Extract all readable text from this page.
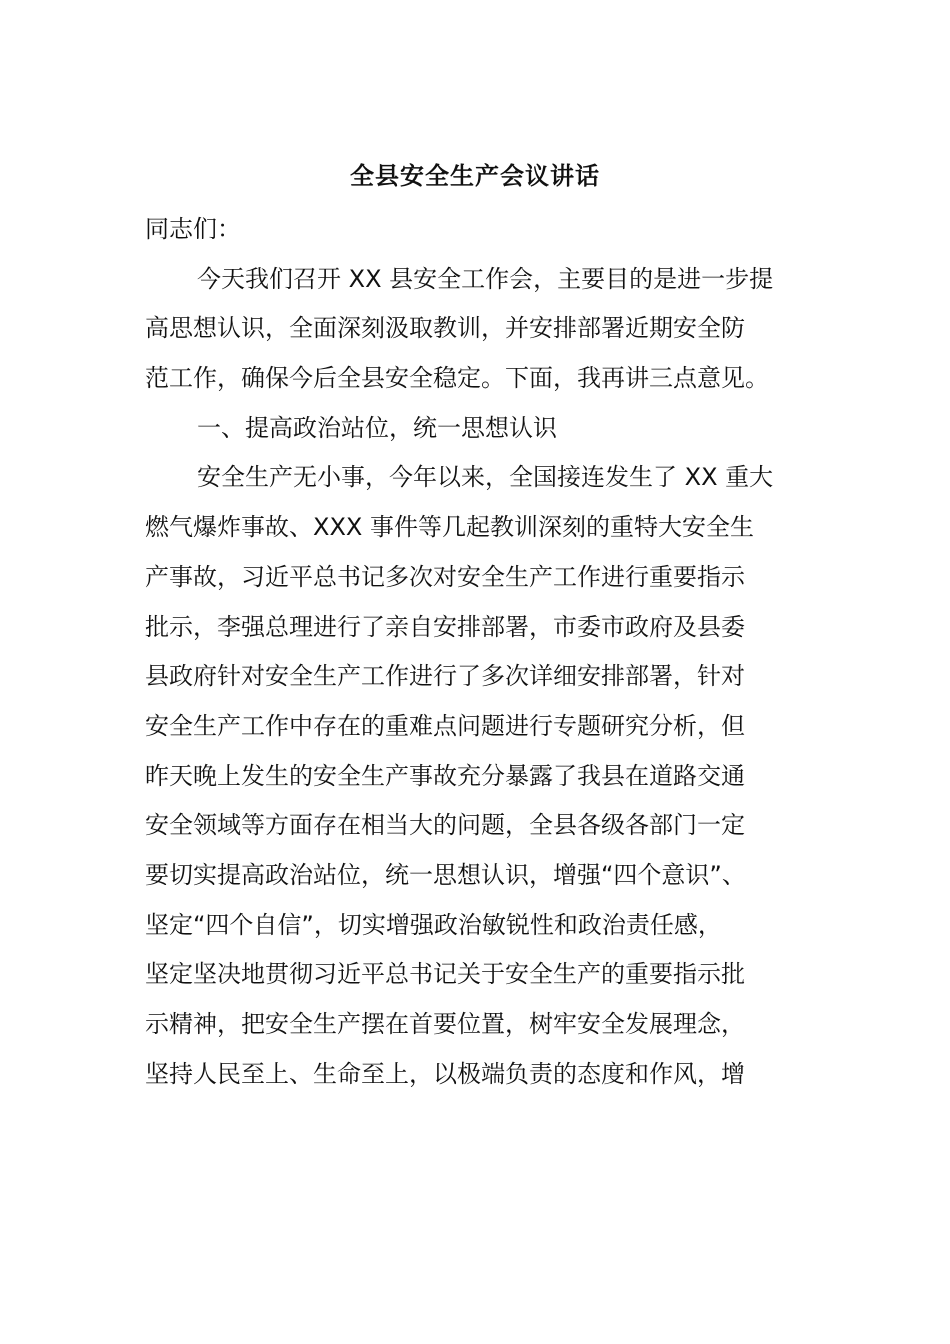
全县安全生产会议讲话
同志们：
今天我们召开 XX 县安全工作会，主要目的是进一步提
高思想认识，全面深刻汲取教训，并安排部署近期安全防
范工作，确保今后全县安全稳定。下面，我再讲三点意见。
一、提高政治站位，统一思想认识
安全生产无小事，今年以来，全国接连发生了 XX 重大
燃气爆炸事故、XXX 事件等几起教训深刻的重特大安全生
产事故，习近平总书记多次对安全生产工作进行重要指示
批示，李强总理进行了亲自安排部署，市委市政府及县委
县政府针对安全生产工作进行了多次详细安排部署，针对
安全生产工作中存在的重难点问题进行专题研究分析，但
昨天晚上发生的安全生产事故充分暴露了我县在道路交通
安全领域等方面存在相当大的问题，全县各级各部门一定
要切实提高政治站位，统一思想认识，增强“四个意识”、
坚定“四个自信”，切实增强政治敏锐性和政治责任感，
坚定坚决地贯彻习近平总书记关于安全生产的重要指示批
示精神，把安全生产摆在首要位置，树牢安全发展理念，
坚持人民至上、生命至上，以极端负责的态度和作风，增
